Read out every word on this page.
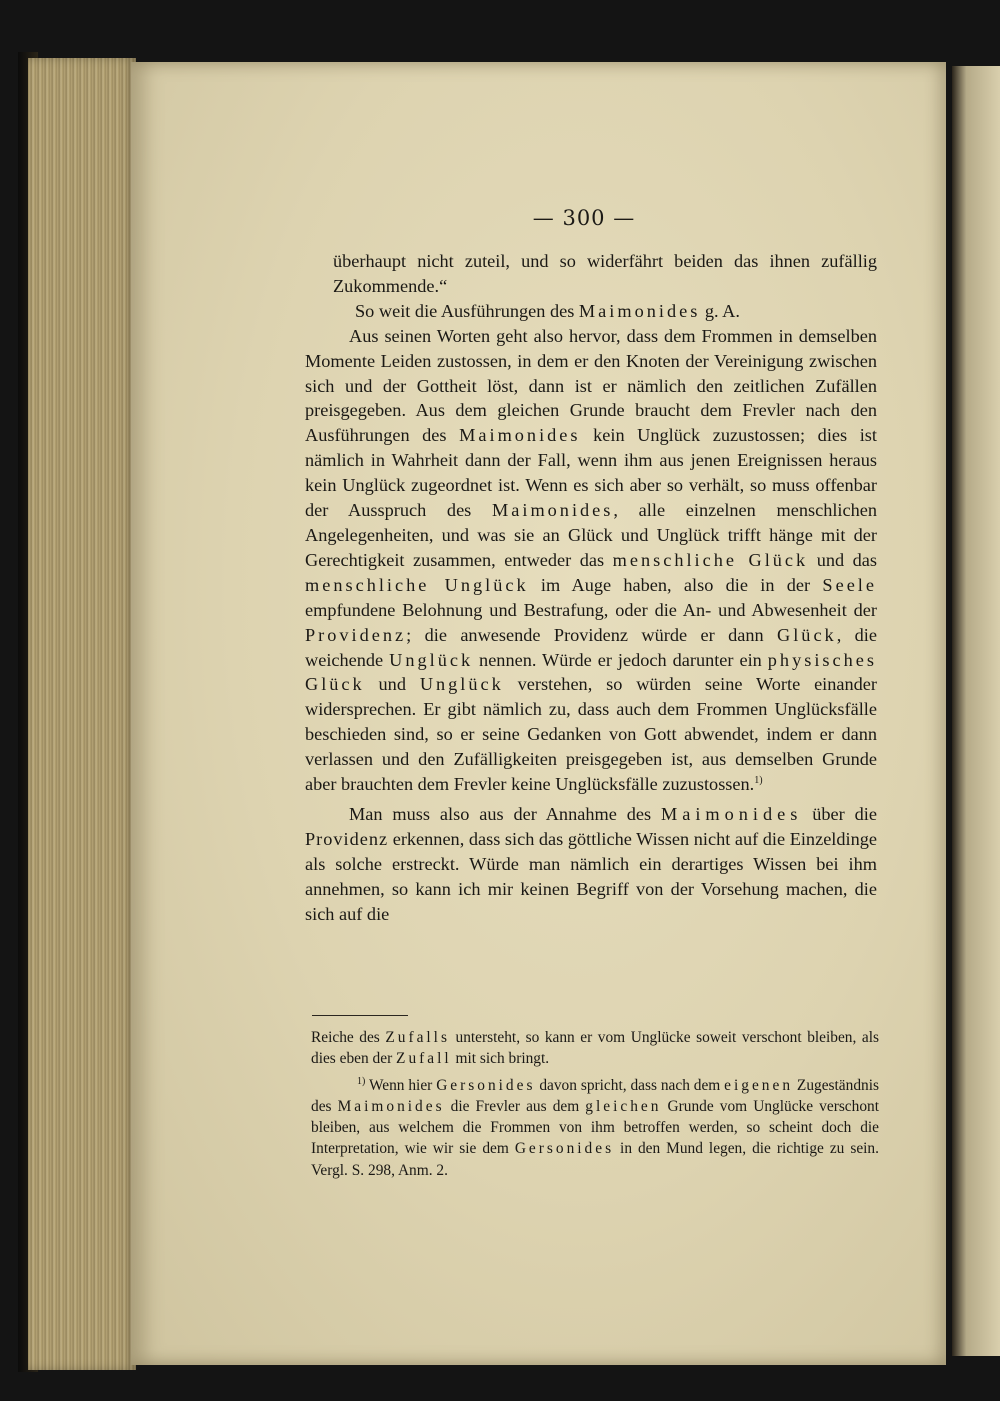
— 300 —

überhaupt nicht zuteil, und so widerfährt beiden das ihnen zufällig Zukommende.“

So weit die Ausführungen des Maimonides g. A.

Aus seinen Worten geht also hervor, dass dem Frommen in demselben Momente Leiden zustossen, in dem er den Knoten der Vereinigung zwischen sich und der Gottheit löst, dann ist er nämlich den zeitlichen Zufällen preisgegeben. Aus dem gleichen Grunde braucht dem Frevler nach den Ausführungen des Maimonides kein Unglück zuzustossen; dies ist nämlich in Wahrheit dann der Fall, wenn ihm aus jenen Ereignissen heraus kein Unglück zugeordnet ist. Wenn es sich aber so verhält, so muss offenbar der Ausspruch des Maimonides, alle einzelnen menschlichen Angelegenheiten, und was sie an Glück und Unglück trifft hänge mit der Gerechtigkeit zusammen, entweder das menschliche Glück und das menschliche Unglück im Auge haben, also die in der Seele empfundene Belohnung und Bestrafung, oder die An- und Abwesenheit der Providenz; die anwesende Providenz würde er dann Glück, die weichende Unglück nennen. Würde er jedoch darunter ein physisches Glück und Unglück verstehen, so würden seine Worte einander widersprechen. Er gibt nämlich zu, dass auch dem Frommen Unglücksfälle beschieden sind, so er seine Gedanken von Gott abwendet, indem er dann verlassen und den Zufälligkeiten preisgegeben ist, aus demselben Grunde aber brauchten dem Frevler keine Unglücksfälle zuzustossen.$^{1)}$

Man muss also aus der Annahme des Maimonides über die Providenz erkennen, dass sich das göttliche Wissen nicht auf die Einzeldinge als solche erstreckt. Würde man nämlich ein derartiges Wissen bei ihm annehmen, so kann ich mir keinen Begriff von der Vorsehung machen, die sich auf die

Reiche des Zufalls untersteht, so kann er vom Unglücke soweit verschont bleiben, als dies eben der Zufall mit sich bringt.

$^{1)}$ Wenn hier Gersonides davon spricht, dass nach dem eigenen Zugeständnis des Maimonides die Frevler aus dem gleichen Grunde vom Unglücke verschont bleiben, aus welchem die Frommen von ihm betroffen werden, so scheint doch die Interpretation, wie wir sie dem Gersonides in den Mund legen, die richtige zu sein. Vergl. S. 298, Anm. 2.
